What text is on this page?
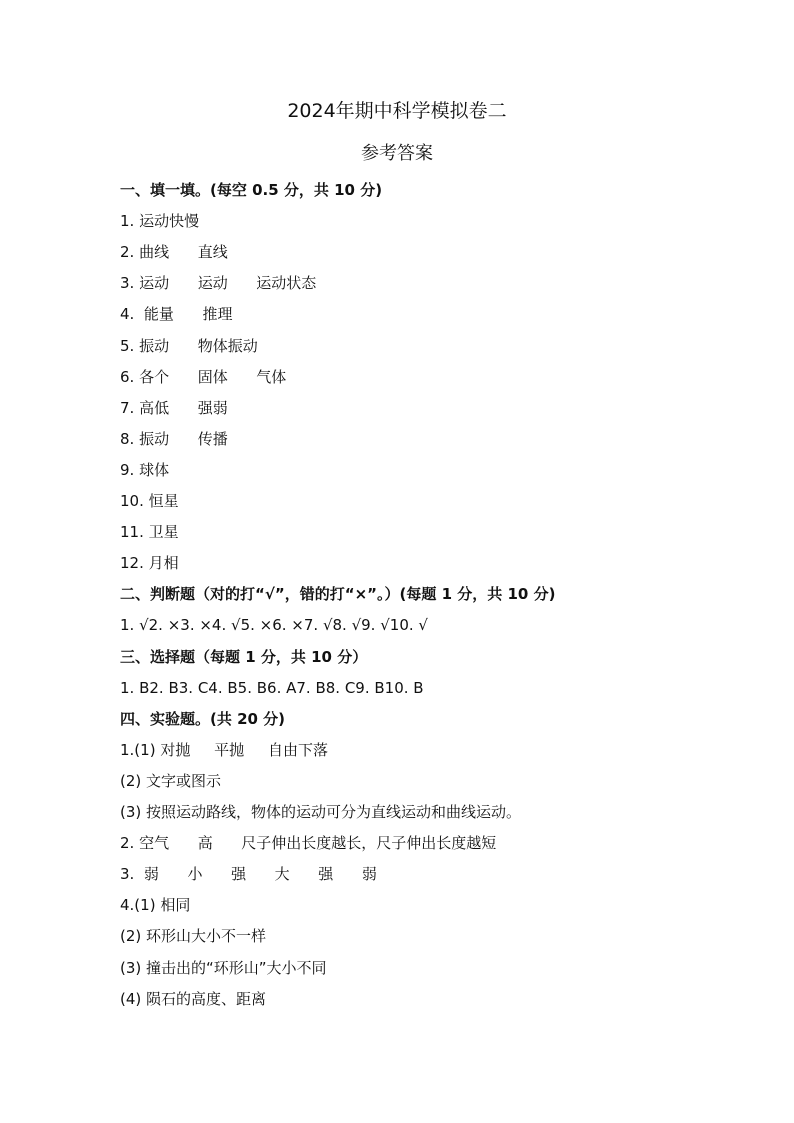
2024年期中科学模拟卷二
参考答案
一、填一填。(每空 0.5 分，共 10 分)
1. 运动快慢
2. 曲线      直线
3. 运动      运动      运动状态
4.  能量      推理
5. 振动      物体振动
6. 各个      固体      气体
7. 高低      强弱
8. 振动      传播
9. 球体
10. 恒星
11. 卫星
12. 月相
二、判断题（对的打“√”，错的打“×”。）(每题 1 分，共 10 分)
1. √2. ×3. ×4. √5. ×6. ×7. √8. √9. √10. √
三、选择题（每题 1 分，共 10 分）
1. B2. B3. C4. B5. B6. A7. B8. C9. B10. B
四、实验题。(共 20 分)
1.(1) 对抛     平抛     自由下落
(2) 文字或图示
(3) 按照运动路线，物体的运动可分为直线运动和曲线运动。
2. 空气      高      尺子伸出长度越长，尺子伸出长度越短
3.  弱      小      强      大      强      弱
4.(1) 相同
(2) 环形山大小不一样
(3) 撞击出的“环形山”大小不同
(4) 陨石的高度、距离
